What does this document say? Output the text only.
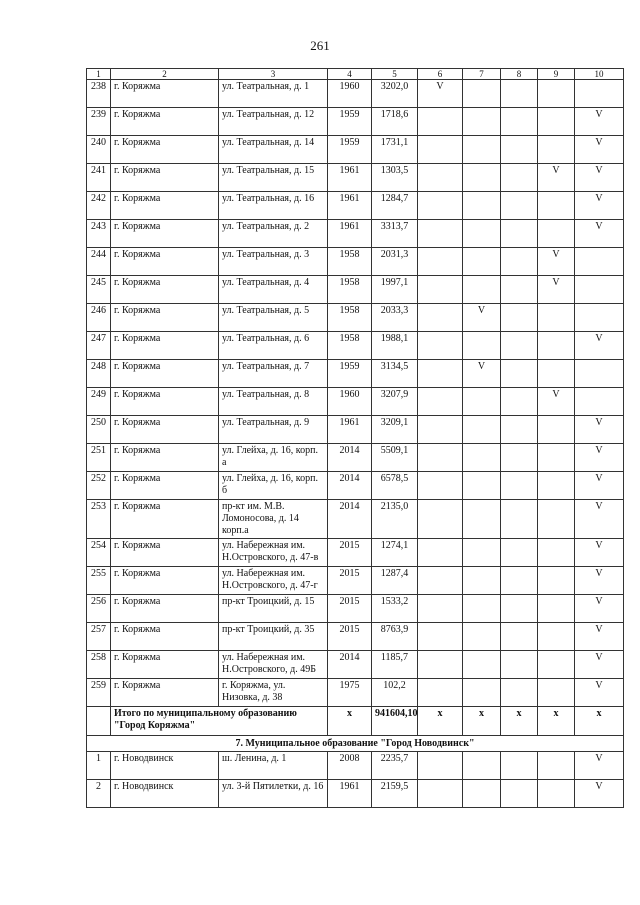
261
1	2	3	4	5	6	7	8	9	10
238	г. Коряжма	ул. Театральная, д. 1	1960	3202,0	V				
239	г. Коряжма	ул. Театральная, д. 12	1959	1718,6					V
240	г. Коряжма	ул. Театральная, д. 14	1959	1731,1					V
241	г. Коряжма	ул. Театральная, д. 15	1961	1303,5				V	V
242	г. Коряжма	ул. Театральная, д. 16	1961	1284,7					V
243	г. Коряжма	ул. Театральная, д. 2	1961	3313,7					V
244	г. Коряжма	ул. Театральная, д. 3	1958	2031,3				V	
245	г. Коряжма	ул. Театральная, д. 4	1958	1997,1				V	
246	г. Коряжма	ул. Театральная, д. 5	1958	2033,3		V			
247	г. Коряжма	ул. Театральная, д. 6	1958	1988,1					V
248	г. Коряжма	ул. Театральная, д. 7	1959	3134,5		V			
249	г. Коряжма	ул. Театральная, д. 8	1960	3207,9				V	
250	г. Коряжма	ул. Театральная, д. 9	1961	3209,1					V
251	г. Коряжма	ул. Глейха, д. 16, корп. а	2014	5509,1					V
252	г. Коряжма	ул. Глейха, д. 16, корп. б	2014	6578,5					V
253	г. Коряжма	пр-кт им. М.В. Ломоносова, д. 14 корп.а	2014	2135,0					V
254	г. Коряжма	ул. Набережная им. Н.Островского, д. 47-в	2015	1274,1					V
255	г. Коряжма	ул. Набережная им. Н.Островского, д. 47-г	2015	1287,4					V
256	г. Коряжма	пр-кт Троицкий, д. 15	2015	1533,2					V
257	г. Коряжма	пр-кт Троицкий, д. 35	2015	8763,9					V
258	г. Коряжма	ул. Набережная им. Н.Островского, д. 49Б	2014	1185,7					V
259	г. Коряжма	г. Коряжма, ул. Низовка, д. 38	1975	102,2					V
	Итого по муниципальному образованию "Город Коряжма"		x	941604,10	x	x	x	x	x
7. Муниципальное образование "Город Новодвинск"									
1	г. Новодвинск	ш. Ленина, д. 1	2008	2235,7					V
2	г. Новодвинск	ул. 3-й Пятилетки, д. 16	1961	2159,5					V
